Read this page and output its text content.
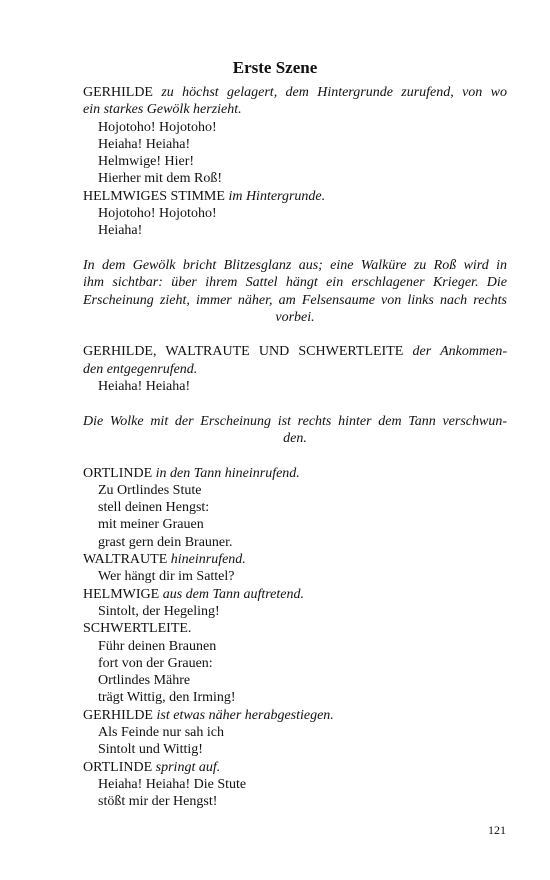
Erste Szene
GERHILDE zu höchst gelagert, dem Hintergrunde zurufend, von wo
ein starkes Gewölk herzieht.
Hojotoho! Hojotoho!
Heiaha! Heiaha!
Helmwige! Hier!
Hierher mit dem Roß!
HELMWIGES STIMME im Hintergrunde.
Hojotoho! Hojotoho!
Heiaha!
In dem Gewölk bricht Blitzesglanz aus; eine Walküre zu Roß wird in
ihm sichtbar: über ihrem Sattel hängt ein erschlagener Krieger. Die
Erscheinung zieht, immer näher, am Felsensaume von links nach rechts
vorbei.
GERHILDE, WALTRAUTE UND SCHWERTLEITE der Ankommen-
den entgegenrufend.
Heiaha! Heiaha!
Die Wolke mit der Erscheinung ist rechts hinter dem Tann verschwun-
den.
ORTLINDE in den Tann hineinrufend.
Zu Ortlindes Stute
stell deinen Hengst:
mit meiner Grauen
grast gern dein Brauner.
WALTRAUTE hineinrufend.
Wer hängt dir im Sattel?
HELMWIGE aus dem Tann auftretend.
Sintolt, der Hegeling!
SCHWERTLEITE.
Führ deinen Braunen
fort von der Grauen:
Ortlindes Mähre
trägt Wittig, den Irming!
GERHILDE ist etwas näher herabgestiegen.
Als Feinde nur sah ich
Sintolt und Wittig!
ORTLINDE springt auf.
Heiaha! Heiaha! Die Stute
stößt mir der Hengst!
121
